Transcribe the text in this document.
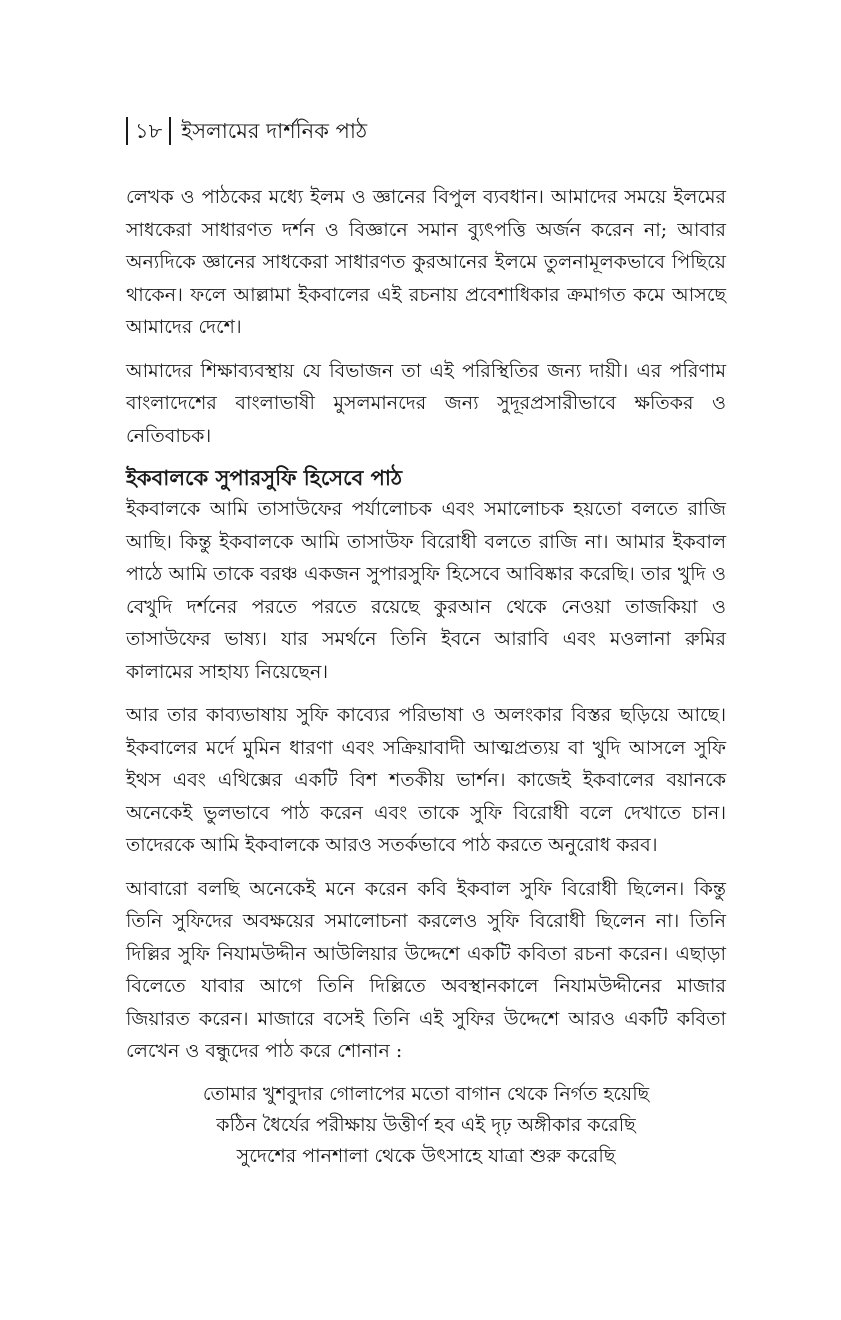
১৮ ইসলামের দার্শনিক পাঠ

লেখক ও পাঠকের মধ্যে ইলম ও জ্ঞানের বিপুল ব্যবধান। আমাদের সময়ে ইলমের সাধকেরা সাধারণত দর্শন ও বিজ্ঞানে সমান ব্যুৎপত্তি অর্জন করেন না; আবার অন্যদিকে জ্ঞানের সাধকেরা সাধারণত কুরআনের ইলমে তুলনামূলকভাবে পিছিয়ে থাকেন। ফলে আল্লামা ইকবালের এই রচনায় প্রবেশাধিকার ক্রমাগত কমে আসছে আমাদের দেশে।

আমাদের শিক্ষাব্যবস্থায় যে বিভাজন তা এই পরিস্থিতির জন্য দায়ী। এর পরিণাম বাংলাদেশের বাংলাভাষী মুসলমানদের জন্য সুদূরপ্রসারীভাবে ক্ষতিকর ও নেতিবাচক।

ইকবালকে সুপারসুফি হিসেবে পাঠ

ইকবালকে আমি তাসাউফের পর্যালোচক এবং সমালোচক হয়তো বলতে রাজি আছি। কিন্তু ইকবালকে আমি তাসাউফ বিরোধী বলতে রাজি না। আমার ইকবাল পাঠে আমি তাকে বরঞ্চ একজন সুপারসুফি হিসেবে আবিষ্কার করেছি। তার খুদি ও বেখুদি দর্শনের পরতে পরতে রয়েছে কুরআন থেকে নেওয়া তাজকিয়া ও তাসাউফের ভাষ্য। যার সমর্থনে তিনি ইবনে আরাবি এবং মওলানা রুমির কালামের সাহায্য নিয়েছেন।

আর তার কাব্যভাষায় সুফি কাব্যের পরিভাষা ও অলংকার বিস্তর ছড়িয়ে আছে। ইকবালের মর্দে মুমিন ধারণা এবং সক্রিয়াবাদী আত্মপ্রত্যয় বা খুদি আসলে সুফি ইথস এবং এথিক্সের একটি বিশ শতকীয় ভার্শন। কাজেই ইকবালের বয়ানকে অনেকেই ভুলভাবে পাঠ করেন এবং তাকে সুফি বিরোধী বলে দেখাতে চান। তাদেরকে আমি ইকবালকে আরও সতর্কভাবে পাঠ করতে অনুরোধ করব।

আবারো বলছি অনেকেই মনে করেন কবি ইকবাল সুফি বিরোধী ছিলেন। কিন্তু তিনি সুফিদের অবক্ষয়ের সমালোচনা করলেও সুফি বিরোধী ছিলেন না। তিনি দিল্লির সুফি নিযামউদ্দীন আউলিয়ার উদ্দেশে একটি কবিতা রচনা করেন। এছাড়া বিলেতে যাবার আগে তিনি দিল্লিতে অবস্থানকালে নিযামউদ্দীনের মাজার জিয়ারত করেন। মাজারে বসেই তিনি এই সুফির উদ্দেশে আরও একটি কবিতা লেখেন ও বন্ধুদের পাঠ করে শোনান :

তোমার খুশবুদার গোলাপের মতো বাগান থেকে নির্গত হয়েছি
কঠিন ধৈর্যের পরীক্ষায় উত্তীর্ণ হব এই দৃঢ় অঙ্গীকার করেছি
সুদেশের পানশালা থেকে উৎসাহে যাত্রা শুরু করেছি
